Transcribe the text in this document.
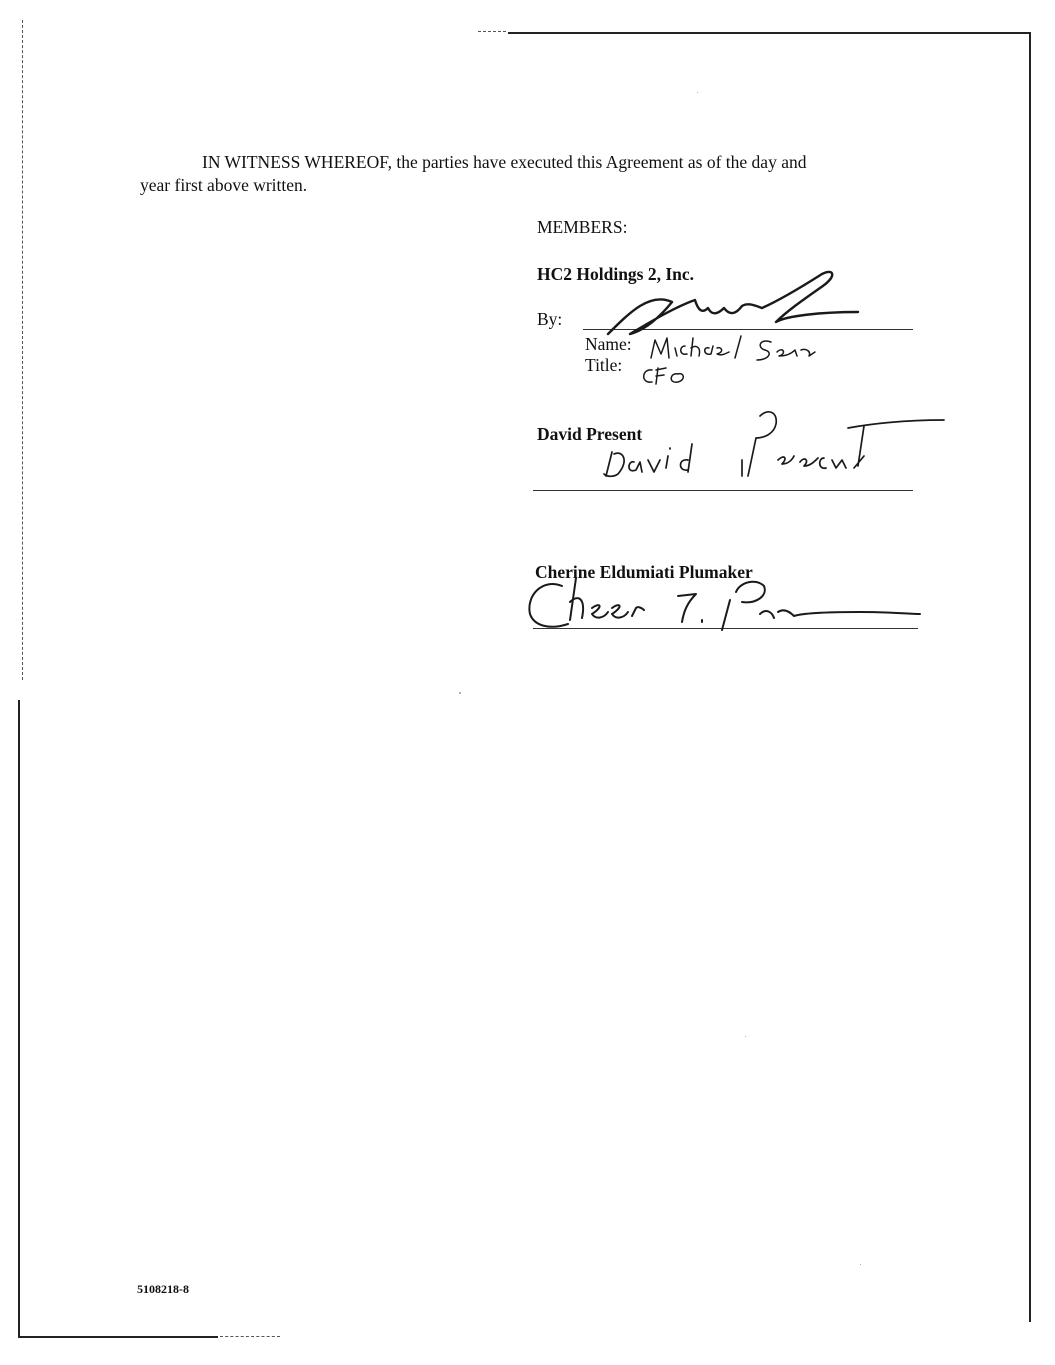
IN WITNESS WHEREOF, the parties have executed this Agreement as of the day and
year first above written.
MEMBERS:
HC2 Holdings 2, Inc.
By:
Name:
Title:
David Present
Cherine Eldumiati Plumaker
5108218-8
